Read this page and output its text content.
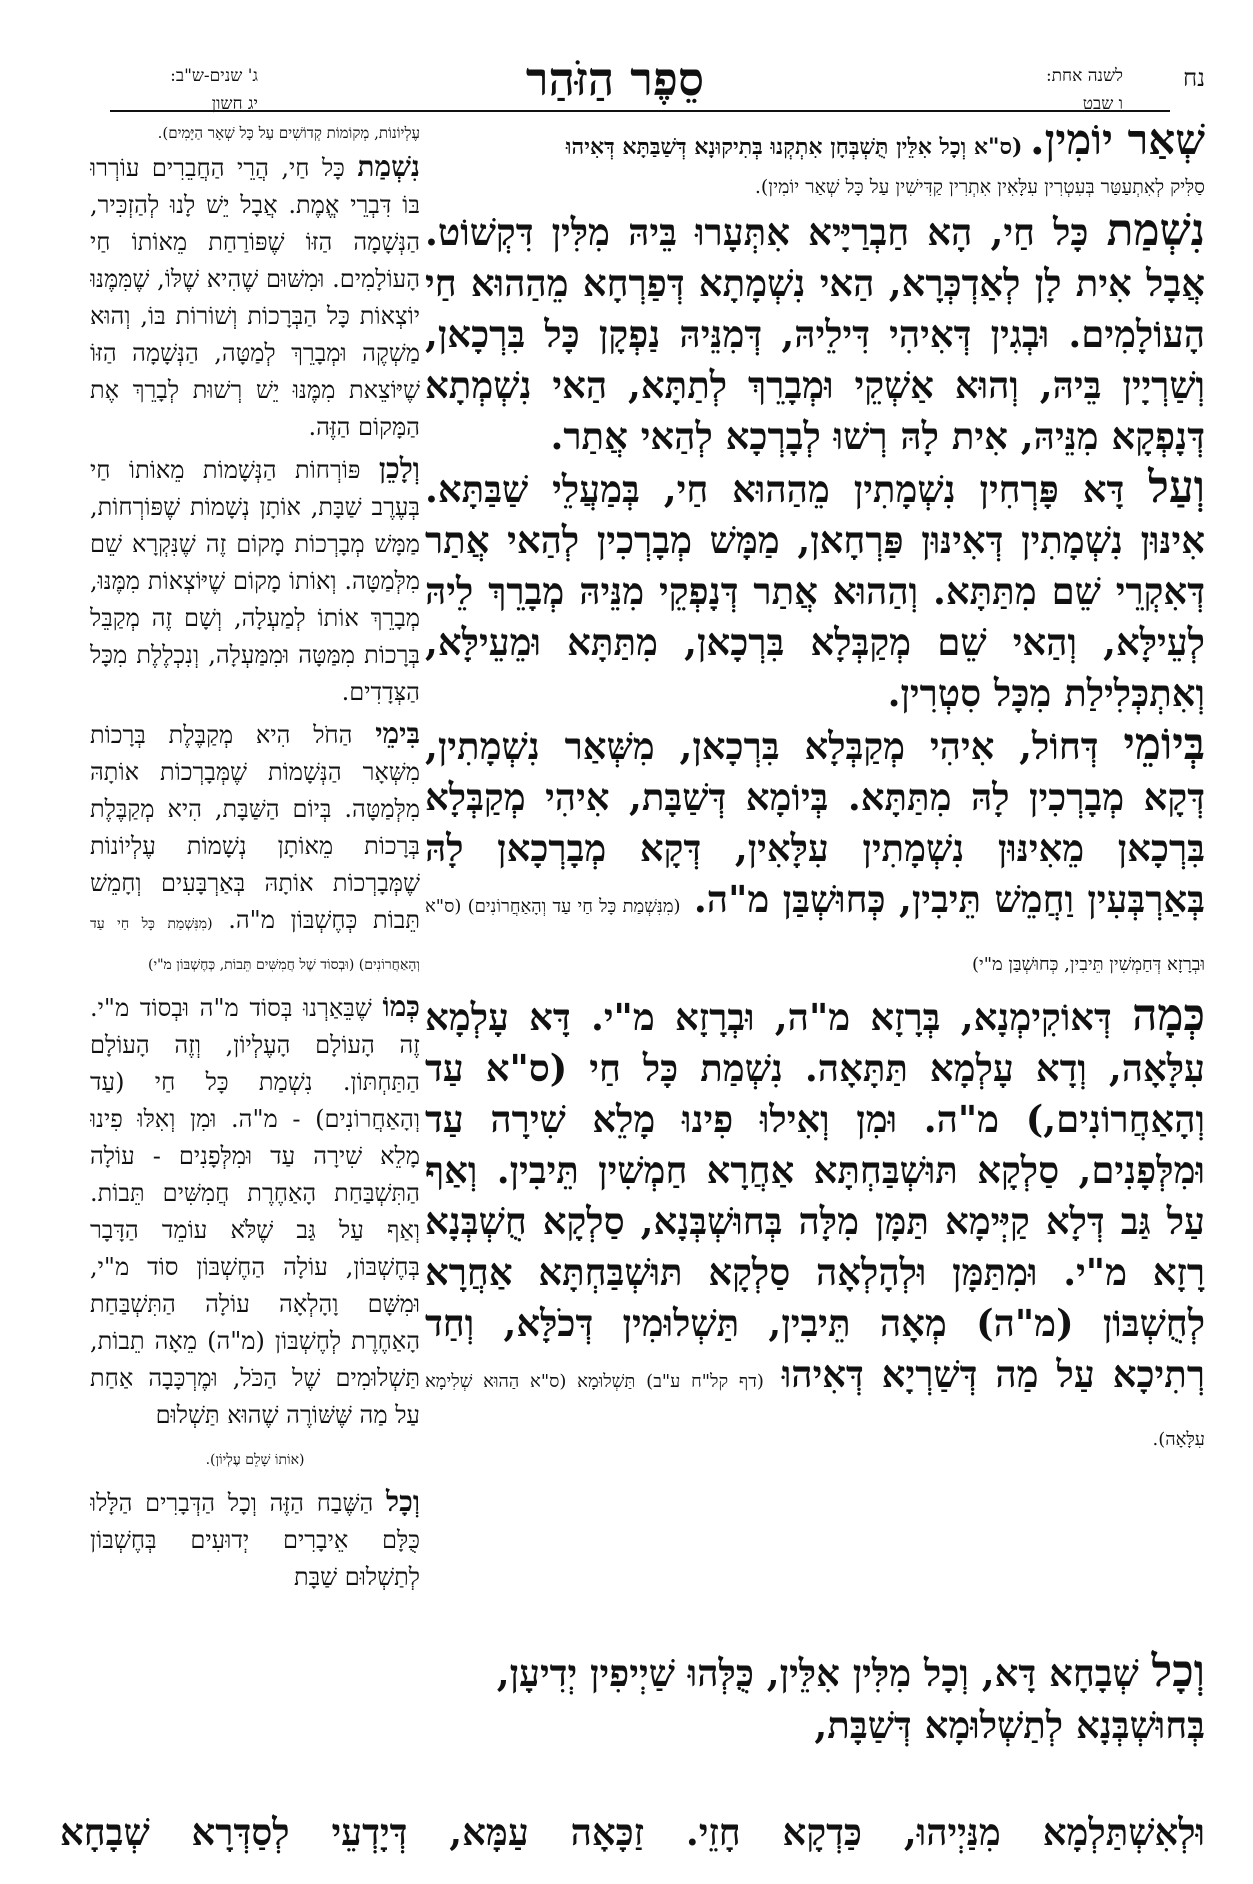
נח
לשנה אחת:
ו שבט
סֵפֶר הַזֹּהַר
ג' שנים-ש"ב:
יג חשון
שְׁאַר יוֹמִין. (ס"א וְכָל אִלֵּין תֻּשְׁבְּחָן אִתְקְנוּ בְּתִיקוּנָא דְּשַׁבַּתָּא דְּאִיהוּ
סַלִּיק לְאִתְעַטַּר בְּעִטְרִין עִלָּאִין אִתְרִין קַדִּישִׁין עַל כָּל שְׁאַר יוֹמִין).

נִשְׁמַת כָּל חַי, הָא חַבְרַיָּיא אִתְּעָרוּ בֵּיהּ מִלִּין דִּקְשׁוֹט. אֲבָל אִית לָן לְאַדְכְּרָא, הַאי נִשְׁמָתָא דְּפַרְחָא מֵהַהוּא חַי הָעוֹלָמִים. וּבְגִין דְּאִיהִי דִּילֵיהּ, דְּמִנֵּיהּ נַפְקָן כָּל בִּרְכָאן, וְשַׁרְיָין בֵּיהּ, וְהוּא אַשְׁקֵי וּמְבָרֵךְ לְתַתָּא, הַאי נִשְׁמְתָא דְּנָפְקָא מִנֵּיהּ, אִית לָהּ רְשׁוּ לְבָרְכָא לְהַאי אֲתַר.

וְעַל דָּא פָּרְחִין נִשְׁמָתִין מֵהַהוּא חַי, בְּמַעֲלֵי שַׁבַּתָּא. אִינּוּן נִשְׁמָתִין דְּאִינּוּן פַּרְחָאן, מַמָּשׁ מְבָרְכִין לְהַאי אֲתַר דְּאִקְרֵי שֵׁם מִתַּתָּא. וְהַהוּא אֲתַר דְּנָפְקֵי מִנֵּיהּ מְבָרֵךְ לֵיהּ לְעֵילָּא, וְהַאי שֵׁם מְקַבְּלָא בִּרְכָאן, מִתַּתָּא וּמֵעֵילָּא, וְאִתְכְּלִילַת מִכָּל סִטְרִין.

בְּיוֹמֵי דְּחוֹל, אִיהִי מְקַבְּלָא בִּרְכָאן, מִשְּׁאַר נִשְׁמָתִין, דְּקָא מְבָרְכִין לָהּ מִתַּתָּא. בְּיוֹמָא דְּשַׁבָּת, אִיהִי מְקַבְּלָא בִּרְכָאן מֵאִינּוּן נִשְׁמָתִין עִלָּאִין, דְּקָא מְבָרְכָאן לָהּ בְּאַרְבְּעִין וַחֲמֵשׁ תֵּיבִין, כְּחוּשְׁבַּן מ"ה. (מִנִּשְׁמַת כָּל חַי עַד וְהָאַחֲרוֹנִים) (ס"א וּבְרָזָא דְּחַמְשִׁין תֵּיבִין, כְּחוּשְׁבַּן מ"י)

כְּמָה דְּאוֹקִימְנָא, בְּרָזָא מ"ה, וּבְרָזָא מ"י. דָּא עָלְמָא עִלָּאָה, וְדָא עָלְמָא תַּתָּאָה. נִשְׁמַת כָּל חַי (ס"א עַד וְהָאַחֲרוֹנִים,) מ"ה. וּמִן וְאִילוּ פִינוּ מָלֵא שִׁירָה עַד וּמִלְּפָנִים, סַלְקָא תּוּשְׁבַּחְתָּא אַחֲרָא חַמְשִׁין תֵּיבִין. וְאַף עַל גַּב דְּלָא קַיְּימָא תַּמָּן מִלָּה בְּחוּשְׁבְּנָא, סַלְקָא חֻשְׁבְּנָא רָזָא מ"י. וּמִתַּמָּן וּלְהָלְאָה סַלְקָא תּוּשְׁבַּחְתָּא אַחֲרָא לְחֻשְׁבּוֹן (מ"ה) מְאָה תֵּיבִין, תַּשְׁלוּמִין דְּכֹלָּא, וְחַד רְתִיכָא עַל מַה דְּשַׁרְיָא דְּאִיהוּ (דף קל"ח ע"ב) תַּשְׁלוּמָא (ס"א הַהוּא שְׁלִימָא עִלָּאָה).

וְכָל שְׁבָחָא דָּא, וְכָל מִלִּין אִלֵּין, כֻּלְּהוּ שַׁיְיפִין יְדִיעָן, בְּחוּשְׁבְּנָא לְתַשְׁלוּמָא דְּשַׁבָּת,
עֶלְיוֹנוֹת, מְקוֹמוֹת קְדוֹשִׁים עַל כָּל שְׁאָר הַיָּמִים).

נִשְׁמַת כָּל חַי, הֲרֵי הַחֲבֵרִים עוֹרְרוּ בּוֹ דִּבְרֵי אֱמֶת. אֲבָל יֵשׁ לָנוּ לְהַזְכִּיר, הַנְּשָׁמָה הַזּוֹ שֶׁפּוֹרַחַת מֵאוֹתוֹ חַי הָעוֹלָמִים. וּמִשּׁוּם שֶׁהִיא שֶׁלּוֹ, שֶׁמִּמֶּנּוּ יוֹצְאוֹת כָּל הַבְּרָכוֹת וְשׁוֹרוֹת בּוֹ, וְהוּא מַשְׁקֶה וּמְבָרֵךְ לְמַטָּה, הַנְּשָׁמָה הַזּוֹ שֶׁיּוֹצֵאת מִמֶּנּוּ יֵשׁ רְשׁוּת לְבָרֵךְ אֶת הַמָּקוֹם הַזֶּה.

וְלָכֵן פּוֹרְחוֹת הַנְּשָׁמוֹת מֵאוֹתוֹ חַי בְּעֶרֶב שַׁבָּת, אוֹתָן נְשָׁמוֹת שֶׁפּוֹרְחוֹת, מַמָּשׁ מְבָרְכוֹת מָקוֹם זֶה שֶׁנִּקְרָא שֵׁם מִלְּמַטָּה. וְאוֹתוֹ מָקוֹם שֶׁיּוֹצְאוֹת מִמֶּנּוּ, מְבָרֵךְ אוֹתוֹ לְמַעְלָה, וְשָׁם זֶה מְקַבֵּל בְּרָכוֹת מִמַּטָּה וּמִמַּעְלָה, וְנִכְלֶלֶת מִכָּל הַצְּדָדִים.

בִּימֵי הַחֹל הִיא מְקַבֶּלֶת בְּרָכוֹת מִשְּׁאָר הַנְּשָׁמוֹת שֶׁמְּבָרְכוֹת אוֹתָהּ מִלְּמַטָּה. בְּיוֹם הַשַּׁבָּת, הִיא מְקַבֶּלֶת בְּרָכוֹת מֵאוֹתָן נְשָׁמוֹת עֶלְיוֹנוֹת שֶׁמְּבָרְכוֹת אוֹתָהּ בְּאַרְבָּעִים וְחָמֵשׁ תֵּבוֹת כְּחֶשְׁבּוֹן מ"ה. (מִנִּשְׁמַת כָּל חַי עַד וְהָאַחֲרוֹנִים) (וּבְסוֹד שֶׁל חֲמִשִּׁים תֵּבוֹת, כְּחֶשְׁבּוֹן מ"י)

כְּמוֹ שֶׁבֵּאַרְנוּ בְּסוֹד מ"ה וּבְסוֹד מ"י. זֶה הָעוֹלָם הָעֶלְיוֹן, וְזֶה הָעוֹלָם הַתַּחְתּוֹן. נִשְׁמַת כָּל חַי (עַד וְהָאַחֲרוֹנִים) - מ"ה. וּמִן וְאִלּוּ פִינוּ מָלֵא שִׁירָה עַד וּמִלְּפָנִים - עוֹלָה הַתִּשְׁבַּחַת הָאַחֶרֶת חֲמִשִּׁים תֵּבוֹת. וְאַף עַל גַּב שֶׁלֹּא עוֹמֵד הַדָּבָר בְּחֶשְׁבּוֹן, עוֹלָה הַחֶשְׁבּוֹן סוֹד מ"י, וּמִשָּׁם וָהָלְאָה עוֹלָה הַתִּשְׁבַּחַת הָאַחֶרֶת לְחֶשְׁבּוֹן (מ"ה) מֵאָה תֵבוֹת, תַּשְׁלוּמִים שֶׁל הַכֹּל, וּמֶרְכָּבָה אַחַת עַל מַה שֶּׁשּׁוֹרֶה שֶׁהוּא תַּשְׁלוּם

(אוֹתוֹ שָׁלֵם עֶלְיוֹן).

וְכָל הַשֶּׁבַח הַזֶּה וְכָל הַדְּבָרִים הַלָּלוּ כֻּלָּם אֵיבָרִים יְדוּעִים בְּחֶשְׁבּוֹן לְתַשְׁלוּם שַׁבָּת

וּלְאִשְׁתַּלְמָא מִנַּיְיהוּ, כַּדְקָא חָזֵי. זַכָּאָה עַמָּא, דְּיָדְעֵי לְסַדְּרָא שְׁבָחָא
